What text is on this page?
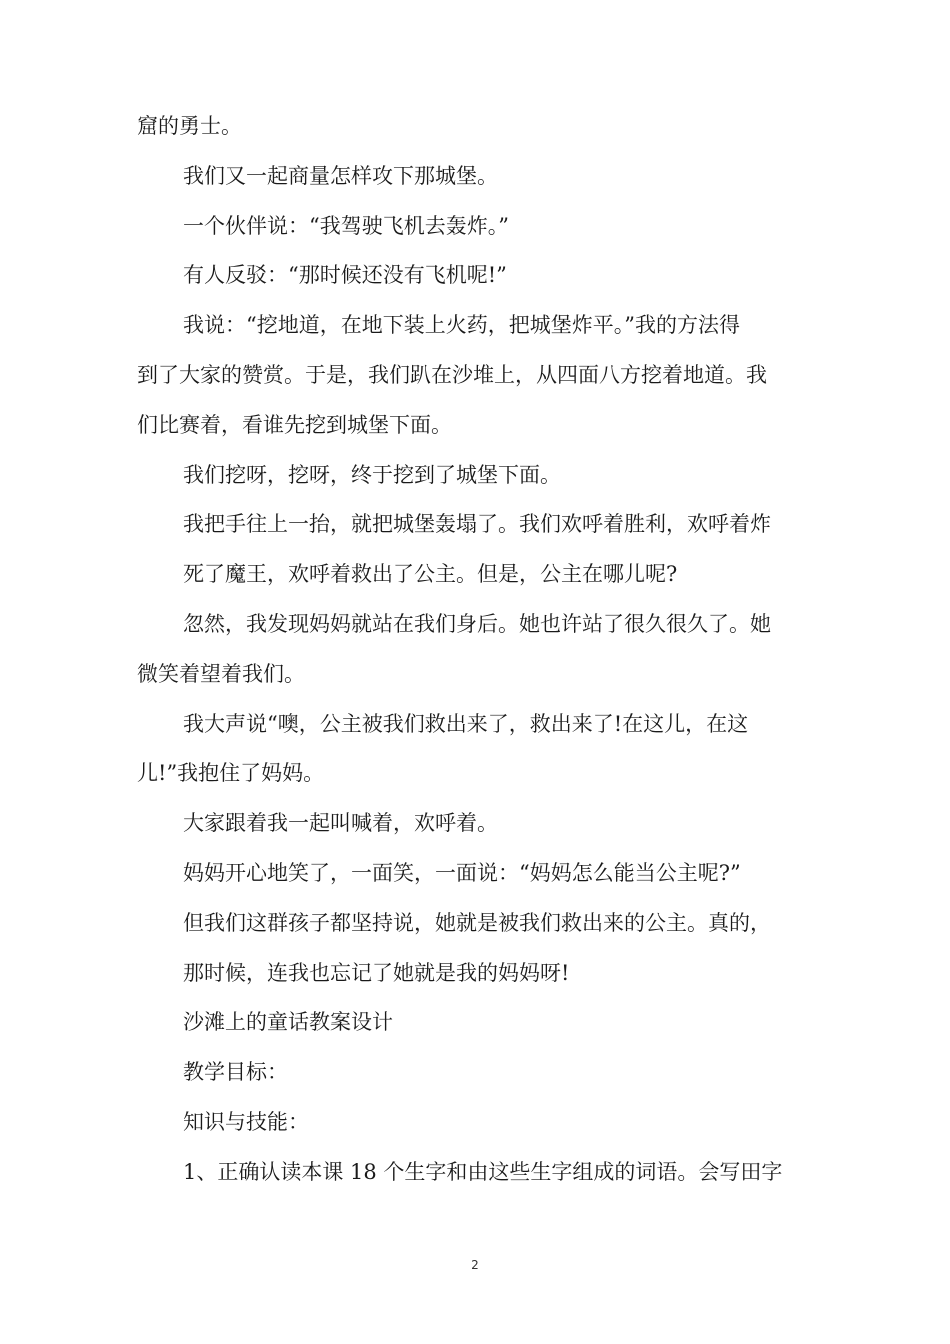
窟的勇士。
我们又一起商量怎样攻下那城堡。
一个伙伴说：“我驾驶飞机去轰炸。”
有人反驳：“那时候还没有飞机呢!”
我说：“挖地道，在地下装上火药，把城堡炸平。”我的方法得
到了大家的赞赏。于是，我们趴在沙堆上，从四面八方挖着地道。我
们比赛着，看谁先挖到城堡下面。
我们挖呀，挖呀，终于挖到了城堡下面。
我把手往上一抬，就把城堡轰塌了。我们欢呼着胜利，欢呼着炸
死了魔王，欢呼着救出了公主。但是，公主在哪儿呢?
忽然，我发现妈妈就站在我们身后。她也许站了很久很久了。她
微笑着望着我们。
我大声说“噢，公主被我们救出来了，救出来了!在这儿，在这
儿!”我抱住了妈妈。
大家跟着我一起叫喊着，欢呼着。
妈妈开心地笑了，一面笑，一面说：“妈妈怎么能当公主呢?”
但我们这群孩子都坚持说，她就是被我们救出来的公主。真的，
那时候，连我也忘记了她就是我的妈妈呀!
沙滩上的童话教案设计
教学目标：
知识与技能：
1、正确认读本课 18 个生字和由这些生字组成的词语。会写田字
2
